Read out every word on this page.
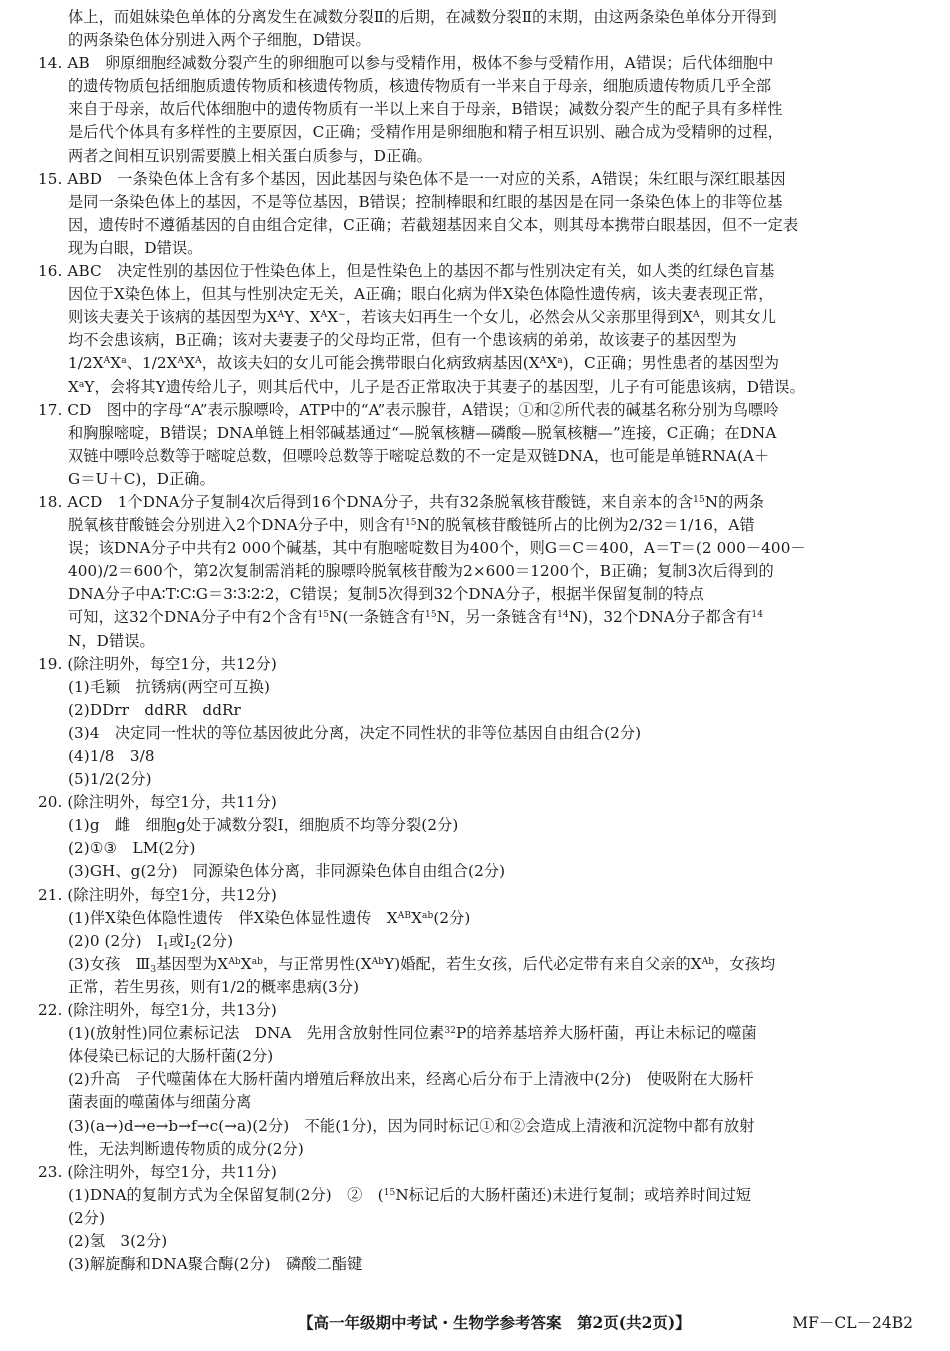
体上，而姐妹染色单体的分离发生在减数分裂Ⅱ的后期，在减数分裂Ⅱ的末期，由这两条染色单体分开得到
的两条染色体分别进入两个子细胞，D错误。
14. AB　卵原细胞经减数分裂产生的卵细胞可以参与受精作用，极体不参与受精作用，A错误；后代体细胞中
的遗传物质包括细胞质遗传物质和核遗传物质，核遗传物质有一半来自于母亲，细胞质遗传物质几乎全部
来自于母亲，故后代体细胞中的遗传物质有一半以上来自于母亲，B错误；减数分裂产生的配子具有多样性
是后代个体具有多样性的主要原因，C正确；受精作用是卵细胞和精子相互识别、融合成为受精卵的过程，
两者之间相互识别需要膜上相关蛋白质参与，D正确。
15. ABD　一条染色体上含有多个基因，因此基因与染色体不是一一对应的关系，A错误；朱红眼与深红眼基因
是同一条染色体上的基因，不是等位基因，B错误；控制棒眼和红眼的基因是在同一条染色体上的非等位基
因，遗传时不遵循基因的自由组合定律，C正确；若截翅基因来自父本，则其母本携带白眼基因，但不一定表
现为白眼，D错误。
16. ABC　决定性别的基因位于性染色体上，但是性染色上的基因不都与性别决定有关，如人类的红绿色盲基
因位于X染色体上，但其与性别决定无关，A正确；眼白化病为伴X染色体隐性遗传病，该夫妻表现正常，
则该夫妻关于该病的基因型为$X^AY$、$X^AX^-$，若该夫妇再生一个女儿，必然会从父亲那里得到$X^A$，则其女儿
均不会患该病，B正确；该对夫妻妻子的父母均正常，但有一个患该病的弟弟，故该妻子的基因型为
$1/2X^AX^a$、$1/2X^AX^A$，故该夫妇的女儿可能会携带眼白化病致病基因$(X^AX^a)$，C正确；男性患者的基因型为
$X^aY$，会将其Y遗传给儿子，则其后代中，儿子是否正常取决于其妻子的基因型，儿子有可能患该病，D错误。
17. CD　图中的字母“A”表示腺嘌呤，ATP中的“A”表示腺苷，A错误；①和②所代表的碱基名称分别为鸟嘌呤
和胸腺嘧啶，B错误；DNA单链上相邻碱基通过“—脱氧核糖—磷酸—脱氧核糖—”连接，C正确；在DNA
双链中嘌呤总数等于嘧啶总数，但嘌呤总数等于嘧啶总数的不一定是双链DNA，也可能是单链RNA(A＋
G＝U＋C)，D正确。
18. ACD　1个DNA分子复制4次后得到16个DNA分子，共有32条脱氧核苷酸链，来自亲本的含$^{15}$N的两条
脱氧核苷酸链会分别进入2个DNA分子中，则含有$^{15}$N的脱氧核苷酸链所占的比例为2/32＝1/16，A错
误；该DNA分子中共有2 000个碱基，其中有胞嘧啶数目为400个，则G＝C＝400，A＝T＝(2 000－400－
400)/2＝600个，第2次复制需消耗的腺嘌呤脱氧核苷酸为2×600＝1200个，B正确；复制3次后得到的
DNA分子中A∶T∶C∶G＝3∶3∶2∶2，C错误；复制5次得到32个DNA分子，根据半保留复制的特点
可知，这32个DNA分子中有2个含有$^{15}$N(一条链含有$^{15}$N，另一条链含有$^{14}$N)，32个DNA分子都含有$^{14}$
N，D错误。
19. (除注明外，每空1分，共12分)
(1)毛颖　抗锈病(两空可互换)
(2)DDrr　ddRR　ddRr
(3)4　决定同一性状的等位基因彼此分离，决定不同性状的非等位基因自由组合(2分)
(4)1/8　3/8
(5)1/2(2分)
20. (除注明外，每空1分，共11分)
(1)g　雌　细胞g处于减数分裂Ⅰ，细胞质不均等分裂(2分)
(2)①③　LM(2分)
(3)GH、g(2分)　同源染色体分离，非同源染色体自由组合(2分)
21. (除注明外，每空1分，共12分)
(1)伴X染色体隐性遗传　伴X染色体显性遗传　$X^{AB}X^{ab}(2$分)
(2)0 (2分)　$Ⅰ_1$或$Ⅰ_2(2$分)
(3)女孩　$Ⅲ_3$基因型为$X^{Ab}X^{ab}$，与正常男性$(X^{Ab}Y)$婚配，若生女孩，后代必定带有来自父亲的$X^{Ab}$，女孩均
正常，若生男孩，则有1/2的概率患病(3分)
22. (除注明外，每空1分，共13分)
(1)(放射性)同位素标记法　DNA　先用含放射性同位素$^{32}$P的培养基培养大肠杆菌，再让未标记的噬菌
体侵染已标记的大肠杆菌(2分)
(2)升高　子代噬菌体在大肠杆菌内增殖后释放出来，经离心后分布于上清液中(2分)　使吸附在大肠杆
菌表面的噬菌体与细菌分离
(3)(a→)d→e→b→f→c(→a)(2分)　不能(1分)，因为同时标记①和②会造成上清液和沉淀物中都有放射
性，无法判断遗传物质的成分(2分)
23. (除注明外，每空1分，共11分)
(1)DNA的复制方式为全保留复制(2分)　②　($^{15}$N标记后的大肠杆菌还)未进行复制；或培养时间过短
(2分)
(2)氢　3(2分)
(3)解旋酶和DNA聚合酶(2分)　磷酸二酯键
【高一年级期中考试・生物学参考答案　第2页(共2页)】	MF－CL－24B2
